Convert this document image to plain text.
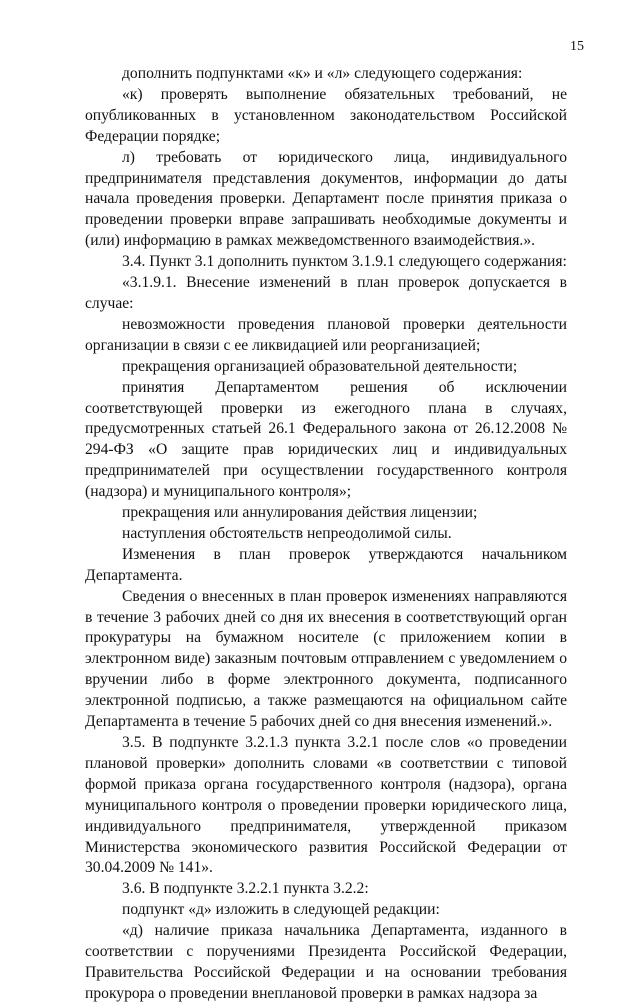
15

дополнить подпунктами «к» и «л» следующего содержания:

«к) проверять выполнение обязательных требований, не опубликованных в установленном законодательством Российской Федерации порядке;

л) требовать от юридического лица, индивидуального предпринимателя представления документов, информации до даты начала проведения проверки. Департамент после принятия приказа о проведении проверки вправе запрашивать необходимые документы и (или) информацию в рамках межведомственного взаимодействия.».

3.4. Пункт 3.1 дополнить пунктом 3.1.9.1 следующего содержания:

«3.1.9.1. Внесение изменений в план проверок допускается в случае:

невозможности проведения плановой проверки деятельности организации в связи с ее ликвидацией или реорганизацией;

прекращения организацией образовательной деятельности;

принятия Департаментом решения об исключении соответствующей проверки из ежегодного плана в случаях, предусмотренных статьей 26.1 Федерального закона от 26.12.2008 № 294-ФЗ «О защите прав юридических лиц и индивидуальных предпринимателей при осуществлении государственного контроля (надзора) и муниципального контроля»;

прекращения или аннулирования действия лицензии;

наступления обстоятельств непреодолимой силы.

Изменения в план проверок утверждаются начальником Департамента.

Сведения о внесенных в план проверок изменениях направляются в течение 3 рабочих дней со дня их внесения в соответствующий орган прокуратуры на бумажном носителе (с приложением копии в электронном виде) заказным почтовым отправлением с уведомлением о вручении либо в форме электронного документа, подписанного электронной подписью, а также размещаются на официальном сайте Департамента в течение 5 рабочих дней со дня внесения изменений.».

3.5. В подпункте 3.2.1.3 пункта 3.2.1 после слов «о проведении плановой проверки» дополнить словами «в соответствии с типовой формой приказа органа государственного контроля (надзора), органа муниципального контроля о проведении проверки юридического лица, индивидуального предпринимателя, утвержденной приказом Министерства экономического развития Российской Федерации от 30.04.2009 № 141».

3.6. В подпункте 3.2.2.1 пункта 3.2.2:

подпункт «д» изложить в следующей редакции:

«д) наличие приказа начальника Департамента, изданного в соответствии с поручениями Президента Российской Федерации, Правительства Российской Федерации и на основании требования прокурора о проведении внеплановой проверки в рамках надзора за
